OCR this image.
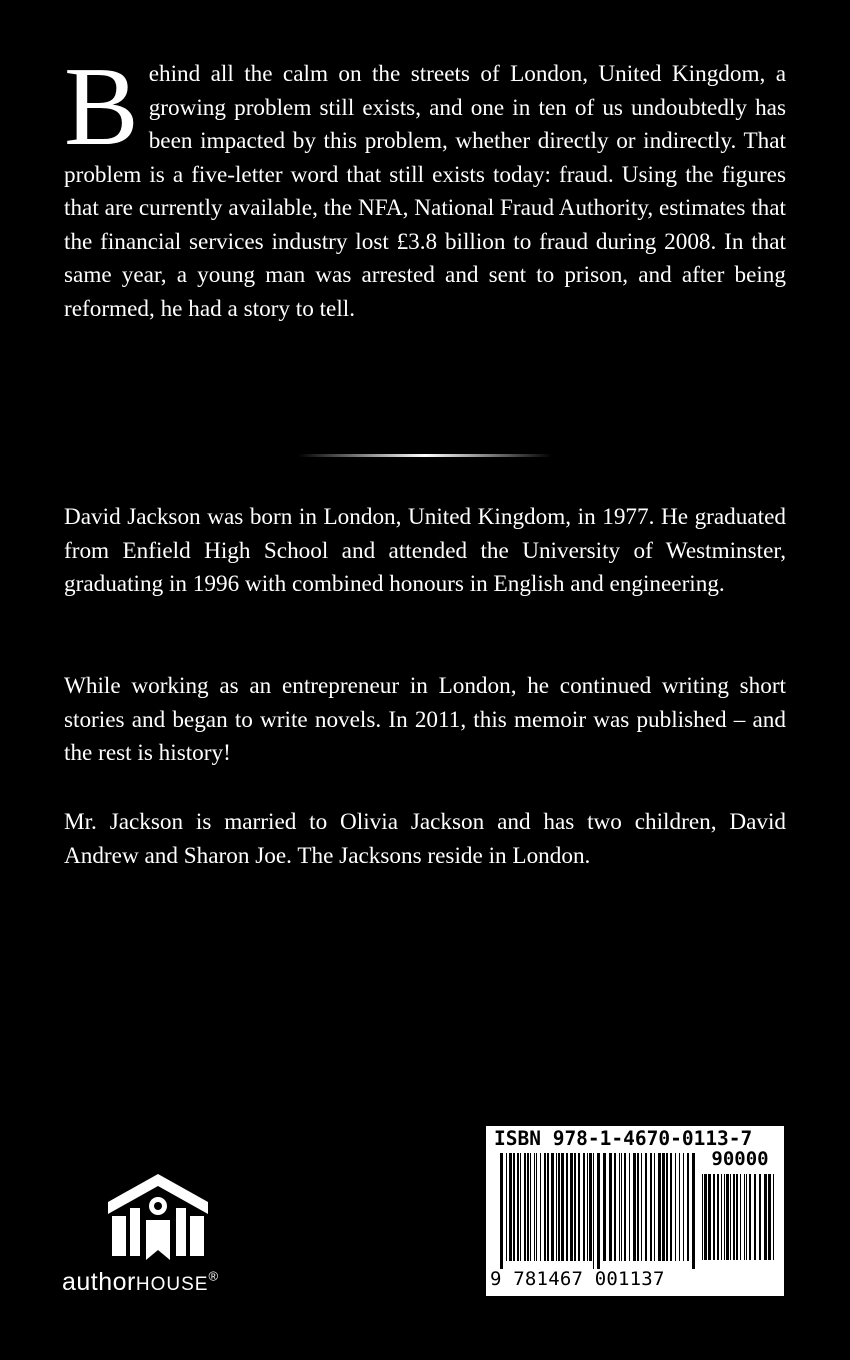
Behind all the calm on the streets of London, United Kingdom, a growing problem still exists, and one in ten of us undoubtedly has been impacted by this problem, whether directly or indirectly. That problem is a five-letter word that still exists today: fraud. Using the figures that are currently available, the NFA, National Fraud Authority, estimates that the financial services industry lost £3.8 billion to fraud during 2008. In that same year, a young man was arrested and sent to prison, and after being reformed, he had a story to tell.

David Jackson was born in London, United Kingdom, in 1977. He graduated from Enfield High School and attended the University of Westminster, graduating in 1996 with combined honours in English and engineering.

While working as an entrepreneur in London, he continued writing short stories and began to write novels. In 2011, this memoir was published – and the rest is history!

Mr. Jackson is married to Olivia Jackson and has two children, David Andrew and Sharon Joe. The Jacksons reside in London.

authorHOUSE®
ISBN 978-1-4670-0113-7
90000
9 781467 001137
